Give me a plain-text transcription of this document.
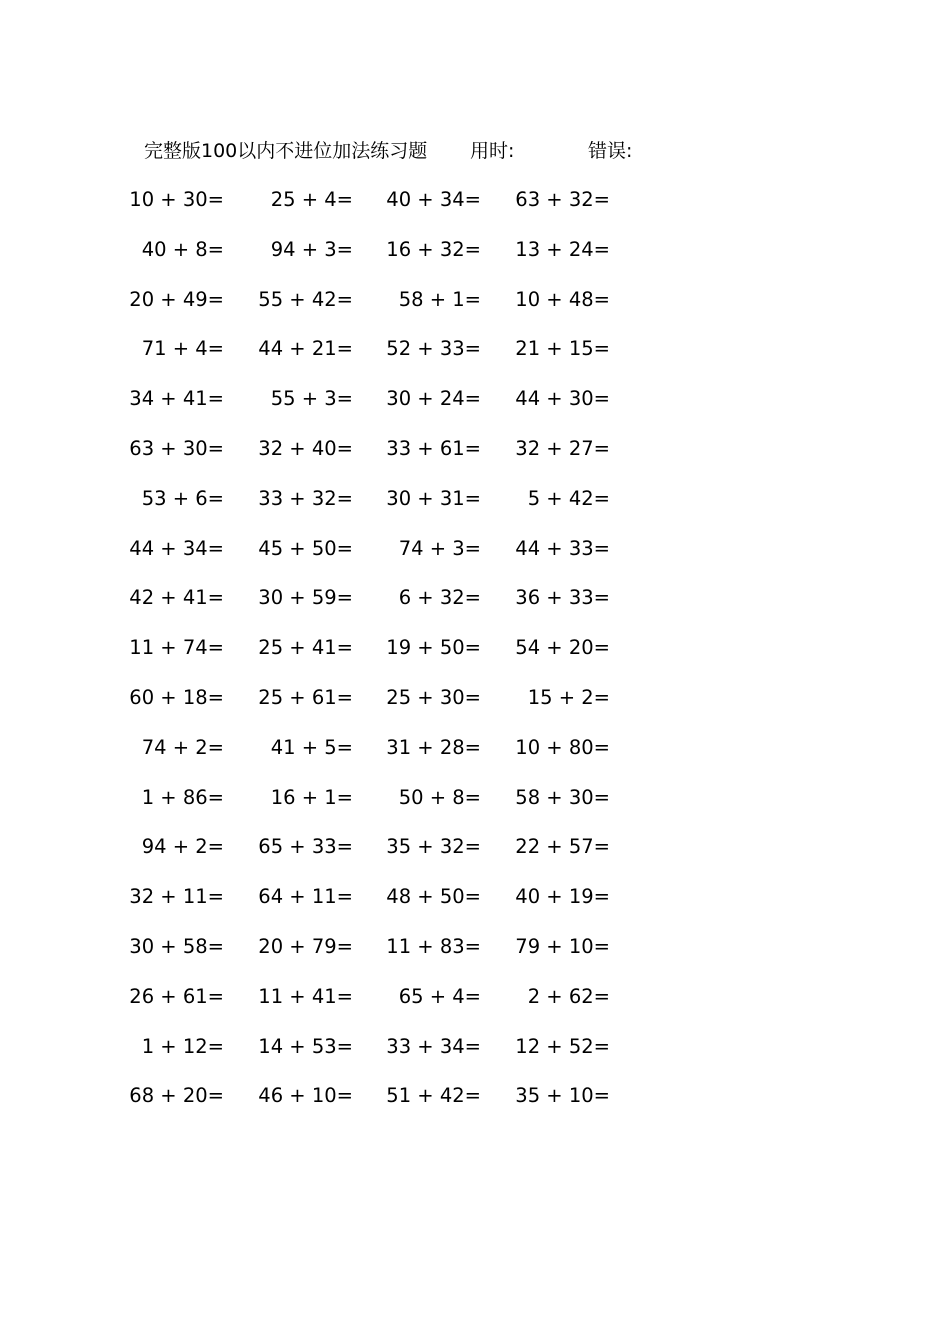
完整版100以内不进位加法练习题 用时:	错误:
10 + 30= 25 + 4= 40 + 34= 63 + 32=
40 + 8= 94 + 3= 16 + 32= 13 + 24=
20 + 49= 55 + 42= 58 + 1= 10 + 48=
71 + 4= 44 + 21= 52 + 33= 21 + 15=
34 + 41= 55 + 3= 30 + 24= 44 + 30=
63 + 30= 32 + 40= 33 + 61= 32 + 27=
53 + 6= 33 + 32= 30 + 31= 5 + 42=
44 + 34= 45 + 50= 74 + 3= 44 + 33=
42 + 41= 30 + 59= 6 + 32= 36 + 33=
11 + 74= 25 + 41= 19 + 50= 54 + 20=
60 + 18= 25 + 61= 25 + 30= 15 + 2=
74 + 2= 41 + 5= 31 + 28= 10 + 80=
1 + 86= 16 + 1= 50 + 8= 58 + 30=
94 + 2= 65 + 33= 35 + 32= 22 + 57=
32 + 11= 64 + 11= 48 + 50= 40 + 19=
30 + 58= 20 + 79= 11 + 83= 79 + 10=
26 + 61= 11 + 41= 65 + 4= 2 + 62=
1 + 12= 14 + 53= 33 + 34= 12 + 52=
68 + 20= 46 + 10= 51 + 42= 35 + 10=
